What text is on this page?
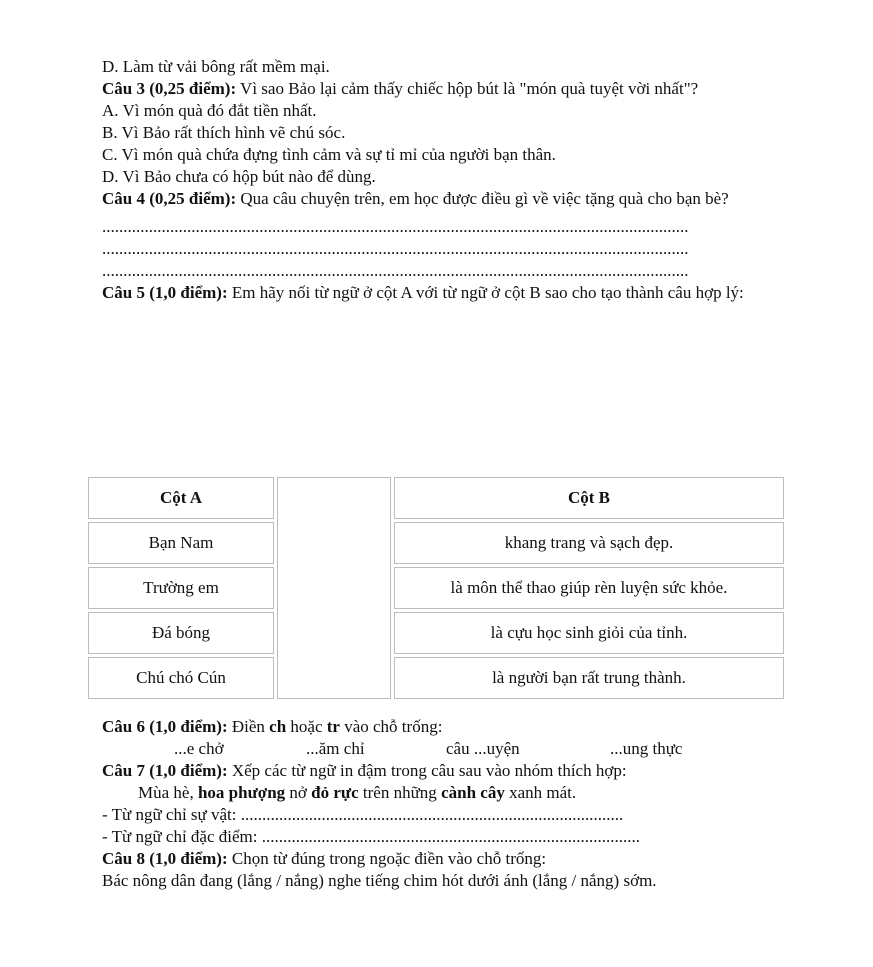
D. Làm từ vải bông rất mềm mại.
Câu 3 (0,25 điểm): Vì sao Bảo lại cảm thấy chiếc hộp bút là "món quà tuyệt vời nhất"?
A. Vì món quà đó đắt tiền nhất.
B. Vì Bảo rất thích hình vẽ chú sóc.
C. Vì món quà chứa đựng tình cảm và sự tỉ mỉ của người bạn thân.
D. Vì Bảo chưa có hộp bút nào để dùng.
Câu 4 (0,25 điểm): Qua câu chuyện trên, em học được điều gì về việc tặng quà cho bạn bè?
..........................................................................................................................................
..........................................................................................................................................
..........................................................................................................................................
Câu 5 (1,0 điểm): Em hãy nối từ ngữ ở cột A với từ ngữ ở cột B sao cho tạo thành câu hợp lý:
Cột A		Cột B
Bạn Nam		khang trang và sạch đẹp.
Trường em		là môn thể thao giúp rèn luyện sức khỏe.
Đá bóng		là cựu học sinh giỏi của tỉnh.
Chú chó Cún		là người bạn rất trung thành.
Câu 6 (1,0 điểm): Điền ch hoặc tr vào chỗ trống:
...e chở	...ăm chỉ	câu ...uyện	...ung thực
Câu 7 (1,0 điểm): Xếp các từ ngữ in đậm trong câu sau vào nhóm thích hợp:
Mùa hè, hoa phượng nở đỏ rực trên những cành cây xanh mát.
- Từ ngữ chỉ sự vật: ..........................................................................................
- Từ ngữ chỉ đặc điểm: .........................................................................................
Câu 8 (1,0 điểm): Chọn từ đúng trong ngoặc điền vào chỗ trống:
Bác nông dân đang (lắng / nắng) nghe tiếng chim hót dưới ánh (lắng / nắng) sớm.
